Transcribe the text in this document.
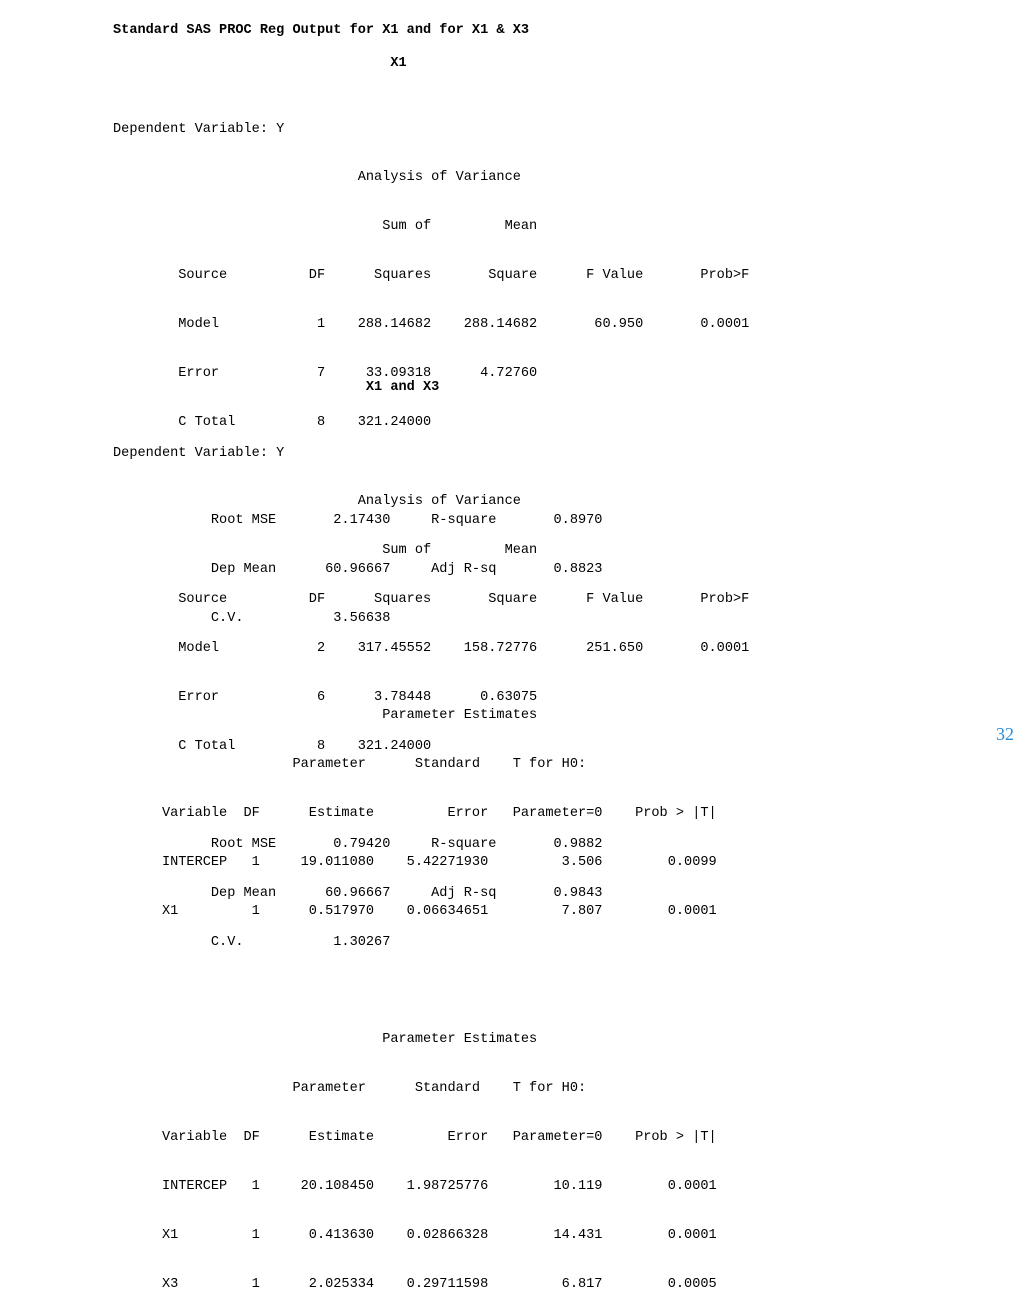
Standard SAS PROC Reg Output for X1 and for X1 & X3
X1

Dependent Variable: Y

Analysis of Variance

Sum of         Mean

Source          DF      Squares       Square      F Value       Prob>F

Model            1    288.14682    288.14682       60.950       0.0001

Error            7     33.09318      4.72760

C Total          8    321.24000

Root MSE       2.17430     R-square       0.8970

Dep Mean      60.96667     Adj R-sq       0.8823

C.V.           3.56638

Parameter Estimates

Parameter      Standard    T for H0:

Variable  DF      Estimate         Error   Parameter=0    Prob > |T|

INTERCEP   1     19.011080    5.42271930         3.506        0.0099

X1         1      0.517970    0.06634651         7.807        0.0001

X1 and X3

Dependent Variable: Y

Analysis of Variance

Sum of         Mean

Source          DF      Squares       Square      F Value       Prob>F

Model            2    317.45552    158.72776      251.650       0.0001

Error            6      3.78448      0.63075

C Total          8    321.24000

Root MSE       0.79420     R-square       0.9882

Dep Mean      60.96667     Adj R-sq       0.9843

C.V.           1.30267

Parameter Estimates

Parameter      Standard    T for H0:

Variable  DF      Estimate         Error   Parameter=0    Prob > |T|

INTERCEP   1     20.108450    1.98725776        10.119        0.0001

X1         1      0.413630    0.02866328        14.431        0.0001

X3         1      2.025334    0.29711598         6.817        0.0005

32
